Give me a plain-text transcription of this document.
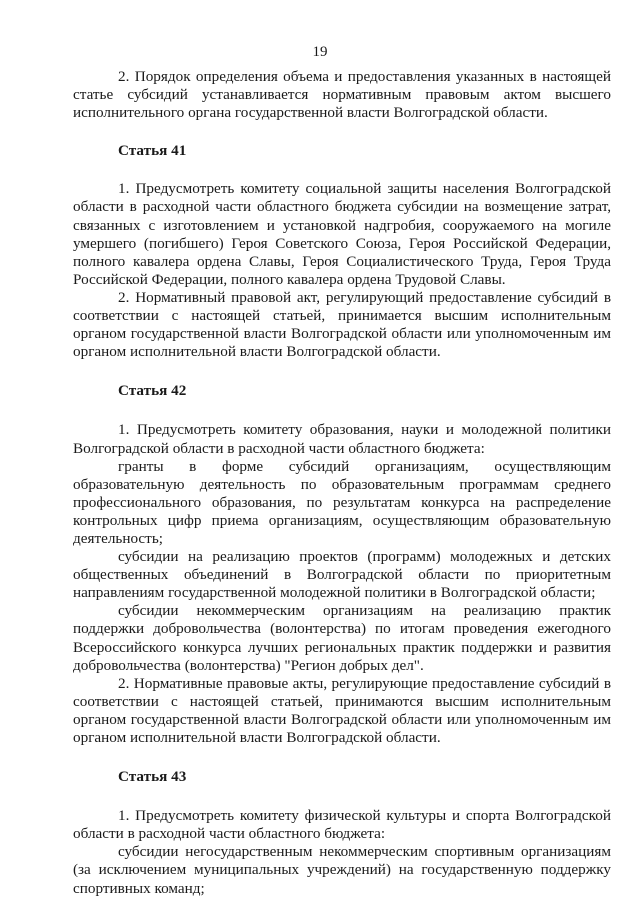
19

2. Порядок определения объема и предоставления указанных в настоящей статье субсидий устанавливается нормативным правовым актом высшего исполнительного органа государственной власти Волгоградской области.

Статья 41

1. Предусмотреть комитету социальной защиты населения Волгоградской области в расходной части областного бюджета субсидии на возмещение затрат, связанных с изготовлением и установкой надгробия, сооружаемого на могиле умершего (погибшего) Героя Советского Союза, Героя Российской Федерации, полного кавалера ордена Славы, Героя Социалистического Труда, Героя Труда Российской Федерации, полного кавалера ордена Трудовой Славы.

2. Нормативный правовой акт, регулирующий предоставление субсидий в соответствии с настоящей статьей, принимается высшим исполнительным органом государственной власти Волгоградской области или уполномоченным им органом исполнительной власти Волгоградской области.

Статья 42

1. Предусмотреть комитету образования, науки и молодежной политики Волгоградской области в расходной части областного бюджета:

гранты в форме субсидий организациям, осуществляющим образовательную деятельность по образовательным программам среднего профессионального образования, по результатам конкурса на распределение контрольных цифр приема организациям, осуществляющим образовательную деятельность;

субсидии на реализацию проектов (программ) молодежных и детских общественных объединений в Волгоградской области по приоритетным направлениям государственной молодежной политики в Волгоградской области;

субсидии некоммерческим организациям на реализацию практик поддержки добровольчества (волонтерства) по итогам проведения ежегодного Всероссийского конкурса лучших региональных практик поддержки и развития добровольчества (волонтерства) "Регион добрых дел".

2. Нормативные правовые акты, регулирующие предоставление субсидий в соответствии с настоящей статьей, принимаются высшим исполнительным органом государственной власти Волгоградской области или уполномоченным им органом исполнительной власти Волгоградской области.

Статья 43

1. Предусмотреть комитету физической культуры и спорта Волгоградской области в расходной части областного бюджета:

субсидии негосударственным некоммерческим спортивным организациям (за исключением муниципальных учреждений) на государственную поддержку спортивных команд;
